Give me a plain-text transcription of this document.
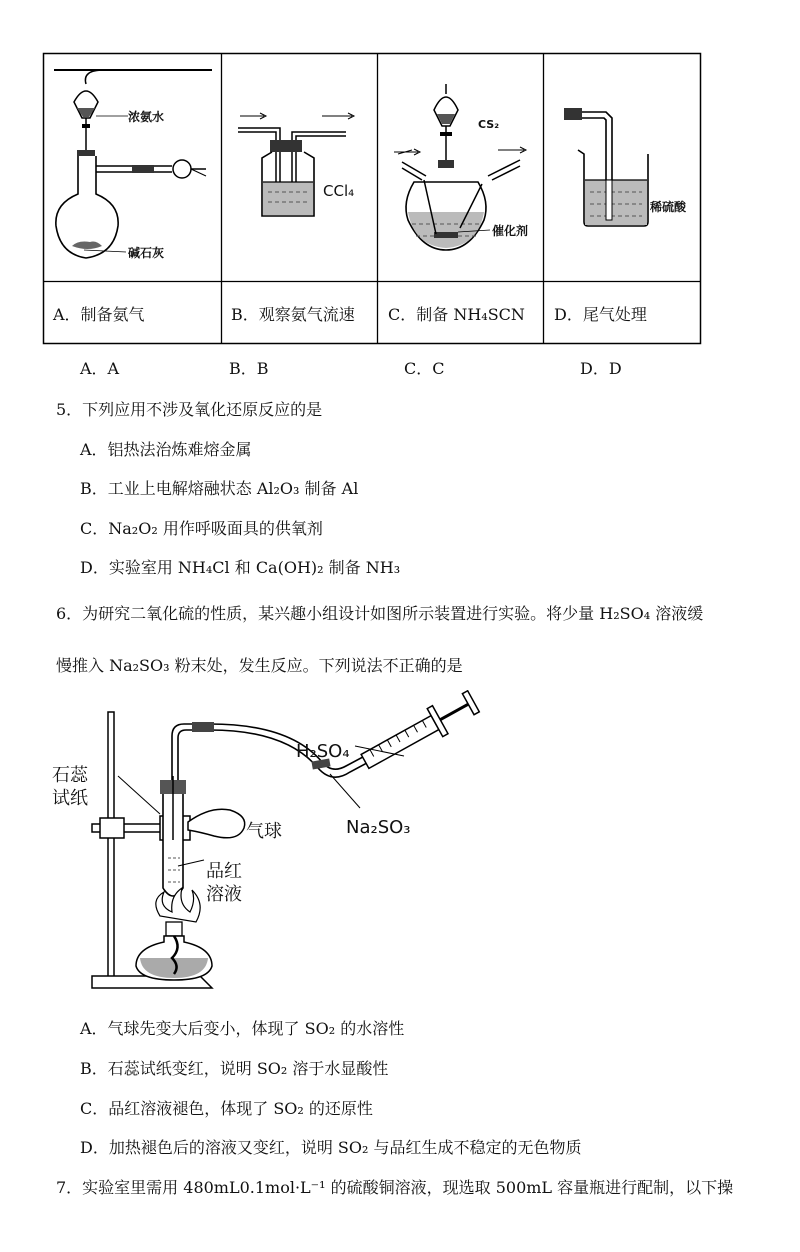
浓氨水
碱石灰
CCl₄
CS₂
催化剂
稀硫酸
A．制备氨气	B．观察氨气流速 C．制备 NH₄SCN D．尾气处理
A．A	B．B	C．C	D．D
5．下列应用不涉及氧化还原反应的是
A．铝热法治炼难熔金属
B．工业上电解熔融状态 Al₂O₃ 制备 Al
C．Na₂O₂ 用作呼吸面具的供氧剂
D．实验室用 NH₄Cl 和 Ca(OH)₂ 制备 NH₃
6．为研究二氧化硫的性质，某兴趣小组设计如图所示装置进行实验。将少量 H₂SO₄ 溶液缓
慢推入 Na₂SO₃ 粉末处，发生反应。下列说法不正确的是
石蕊
试纸
H₂SO₄
气球	Na₂SO₃
品红
溶液
A．气球先变大后变小，体现了 SO₂ 的水溶性
B．石蕊试纸变红，说明 SO₂ 溶于水显酸性
C．品红溶液褪色，体现了 SO₂ 的还原性
D．加热褪色后的溶液又变红，说明 SO₂ 与品红生成不稳定的无色物质
7．实验室里需用 480mL0.1mol·L⁻¹ 的硫酸铜溶液，现选取 500mL 容量瓶进行配制，以下操
